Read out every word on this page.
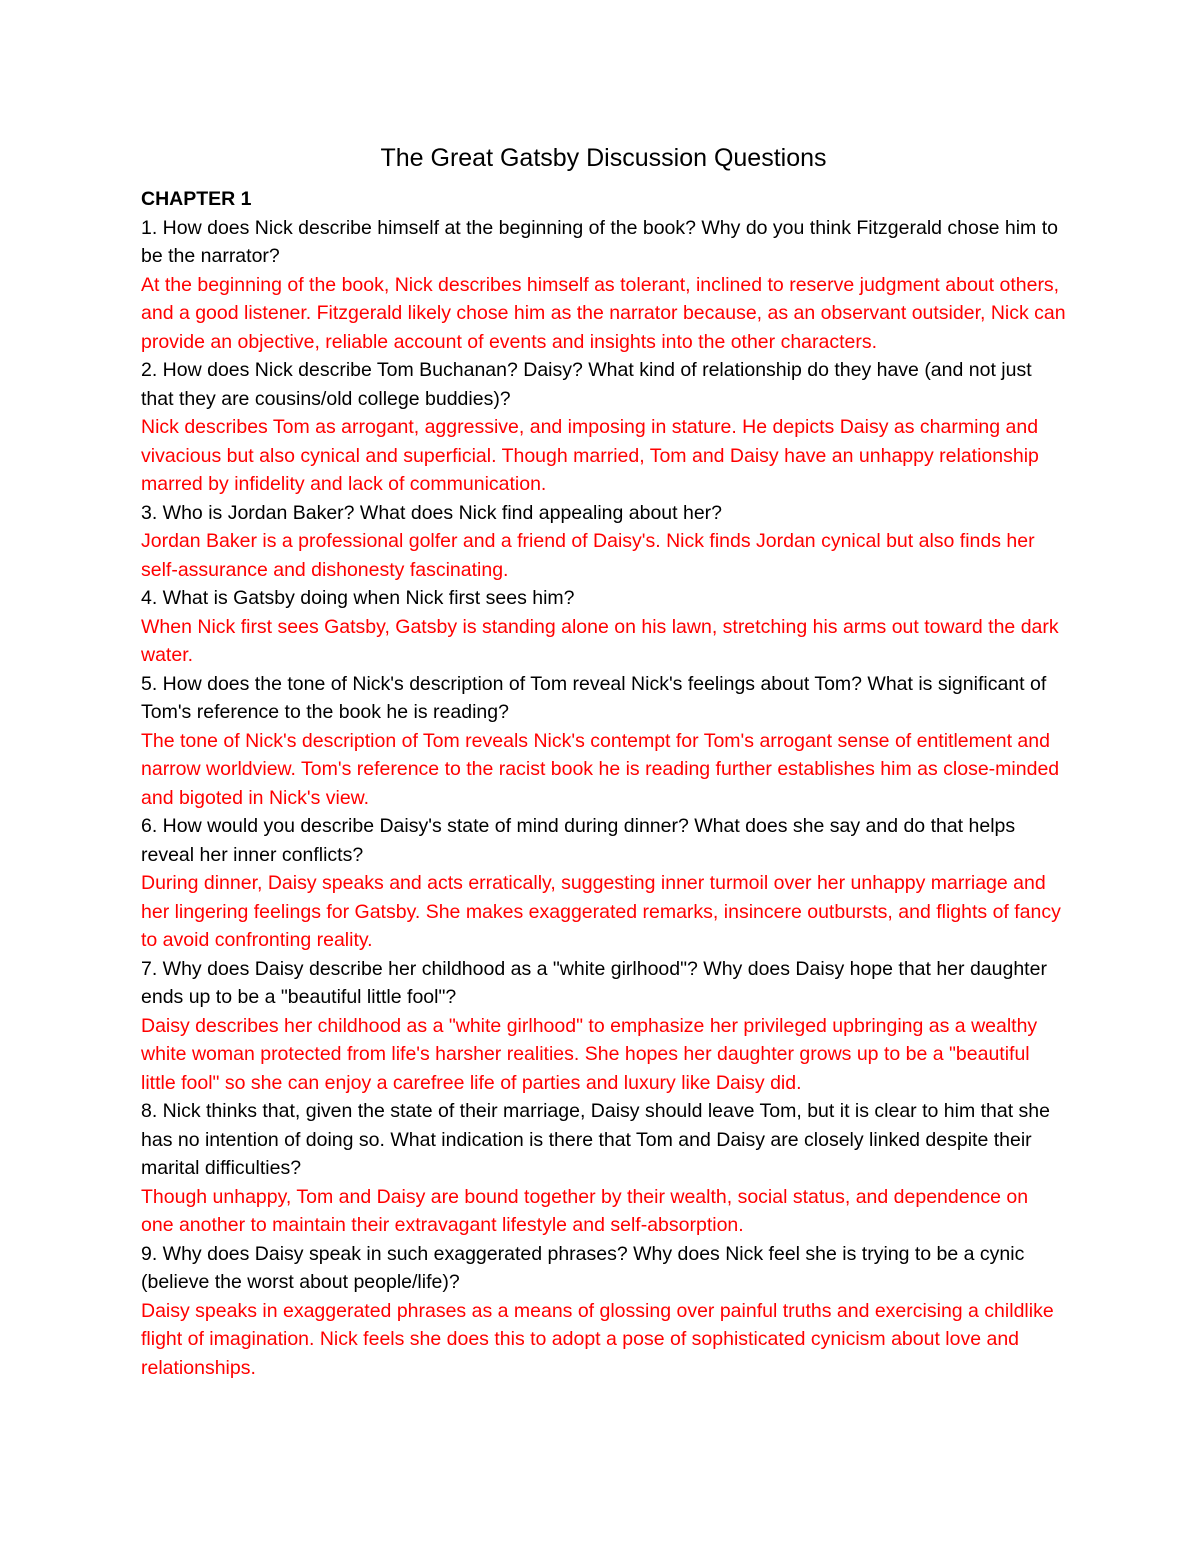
The Great Gatsby Discussion Questions
CHAPTER 1

1. How does Nick describe himself at the beginning of the book? Why do you think Fitzgerald chose him to be the narrator?

At the beginning of the book, Nick describes himself as tolerant, inclined to reserve judgment about others, and a good listener. Fitzgerald likely chose him as the narrator because, as an observant outsider, Nick can provide an objective, reliable account of events and insights into the other characters.

2. How does Nick describe Tom Buchanan? Daisy? What kind of relationship do they have (and not just that they are cousins/old college buddies)?

Nick describes Tom as arrogant, aggressive, and imposing in stature. He depicts Daisy as charming and vivacious but also cynical and superficial. Though married, Tom and Daisy have an unhappy relationship marred by infidelity and lack of communication.

3. Who is Jordan Baker? What does Nick find appealing about her?

Jordan Baker is a professional golfer and a friend of Daisy's. Nick finds Jordan cynical but also finds her self-assurance and dishonesty fascinating.

4. What is Gatsby doing when Nick first sees him?

When Nick first sees Gatsby, Gatsby is standing alone on his lawn, stretching his arms out toward the dark water.

5. How does the tone of Nick's description of Tom reveal Nick's feelings about Tom? What is significant of Tom's reference to the book he is reading?

The tone of Nick's description of Tom reveals Nick's contempt for Tom's arrogant sense of entitlement and narrow worldview. Tom's reference to the racist book he is reading further establishes him as close-minded and bigoted in Nick's view.

6. How would you describe Daisy's state of mind during dinner? What does she say and do that helps reveal her inner conflicts?

During dinner, Daisy speaks and acts erratically, suggesting inner turmoil over her unhappy marriage and her lingering feelings for Gatsby. She makes exaggerated remarks, insincere outbursts, and flights of fancy to avoid confronting reality.

7. Why does Daisy describe her childhood as a "white girlhood"? Why does Daisy hope that her daughter ends up to be a "beautiful little fool"?

Daisy describes her childhood as a "white girlhood" to emphasize her privileged upbringing as a wealthy white woman protected from life's harsher realities. She hopes her daughter grows up to be a "beautiful little fool" so she can enjoy a carefree life of parties and luxury like Daisy did.

8. Nick thinks that, given the state of their marriage, Daisy should leave Tom, but it is clear to him that she has no intention of doing so. What indication is there that Tom and Daisy are closely linked despite their marital difficulties?

Though unhappy, Tom and Daisy are bound together by their wealth, social status, and dependence on one another to maintain their extravagant lifestyle and self-absorption.

9. Why does Daisy speak in such exaggerated phrases? Why does Nick feel she is trying to be a cynic (believe the worst about people/life)?

Daisy speaks in exaggerated phrases as a means of glossing over painful truths and exercising a childlike flight of imagination. Nick feels she does this to adopt a pose of sophisticated cynicism about love and relationships.
